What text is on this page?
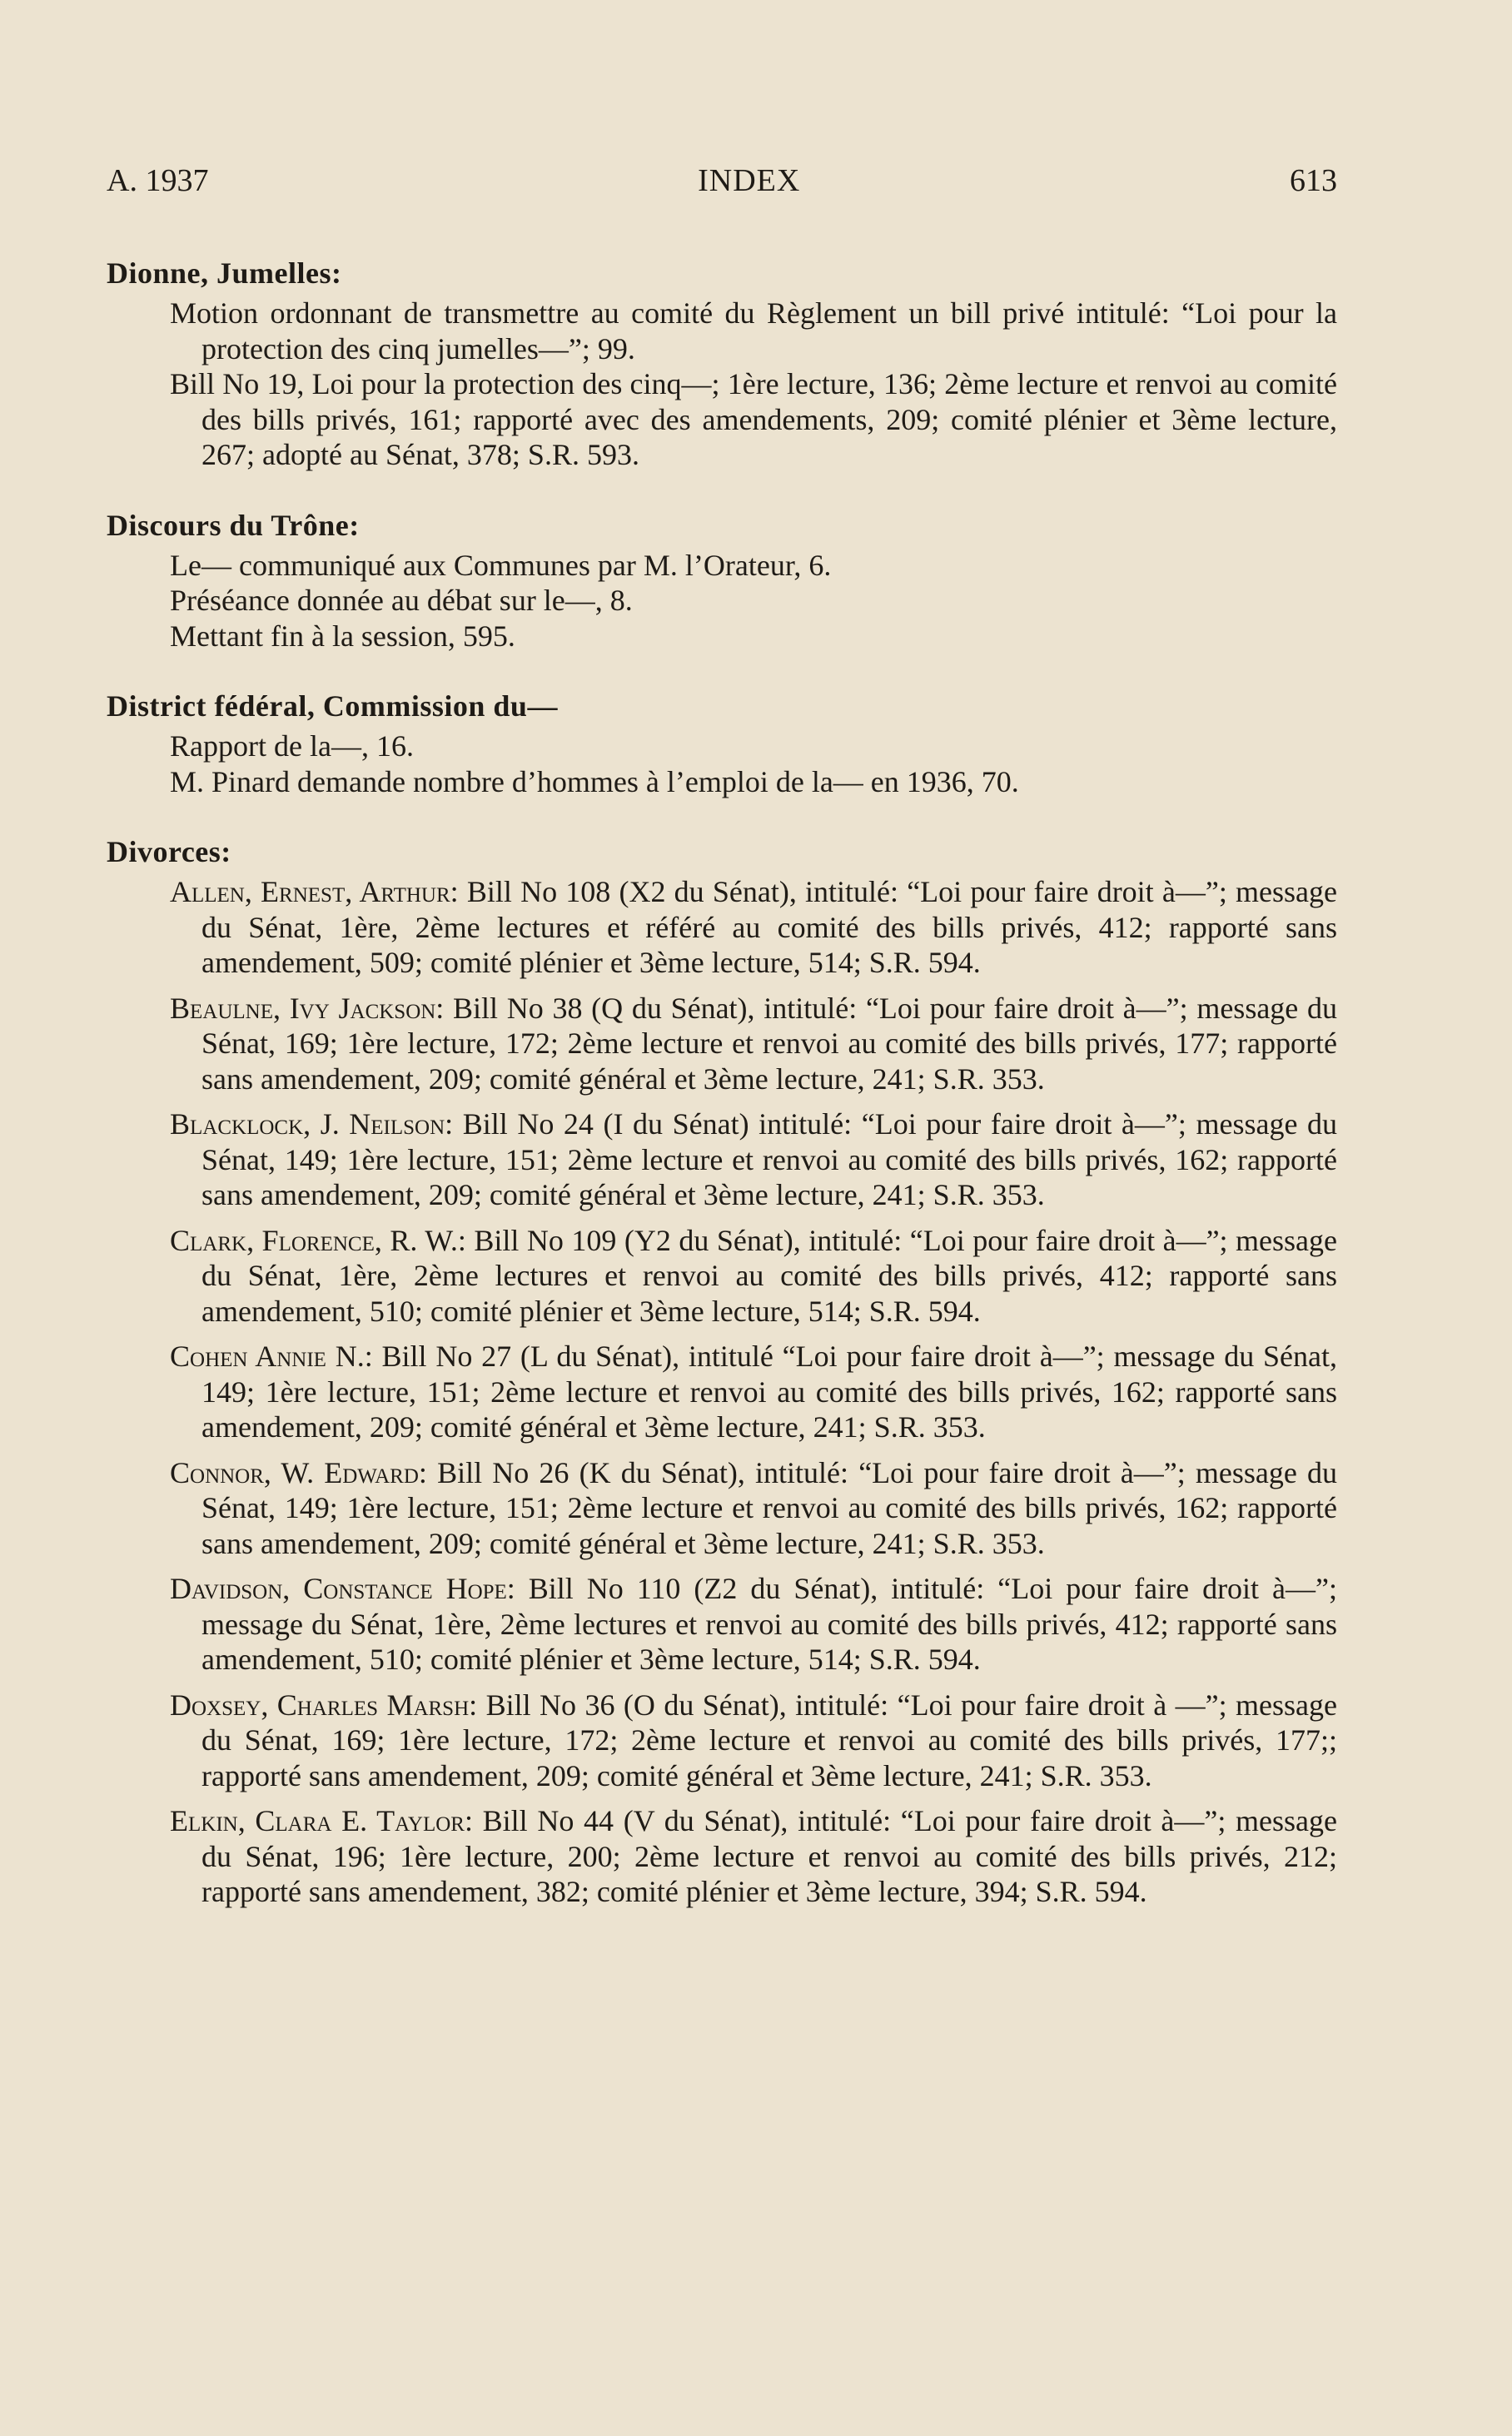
A. 1937	INDEX	613
Dionne, Jumelles:
Motion ordonnant de transmettre au comité du Règlement un bill privé intitulé: “Loi pour la protection des cinq jumelles—”; 99.
Bill No 19, Loi pour la protection des cinq—; 1ère lecture, 136; 2ème lecture et renvoi au comité des bills privés, 161; rapporté avec des amendements, 209; comité plénier et 3ème lecture, 267; adopté au Sénat, 378; S.R. 593.
Discours du Trône:
Le— communiqué aux Communes par M. l’Orateur, 6.
Préséance donnée au débat sur le—, 8.
Mettant fin à la session, 595.
District fédéral, Commission du—
Rapport de la—, 16.
M. Pinard demande nombre d’hommes à l’emploi de la— en 1936, 70.
Divorces:
Allen, Ernest, Arthur: Bill No 108 (X2 du Sénat), intitulé: “Loi pour faire droit à—”; message du Sénat, 1ère, 2ème lectures et référé au comité des bills privés, 412; rapporté sans amendement, 509; comité plénier et 3ème lecture, 514; S.R. 594.
Beaulne, Ivy Jackson: Bill No 38 (Q du Sénat), intitulé: “Loi pour faire droit à—”; message du Sénat, 169; 1ère lecture, 172; 2ème lecture et renvoi au comité des bills privés, 177; rapporté sans amendement, 209; comité général et 3ème lecture, 241; S.R. 353.
Blacklock, J. Neilson: Bill No 24 (I du Sénat) intitulé: “Loi pour faire droit à—”; message du Sénat, 149; 1ère lecture, 151; 2ème lecture et renvoi au comité des bills privés, 162; rapporté sans amendement, 209; comité général et 3ème lecture, 241; S.R. 353.
Clark, Florence, R. W.: Bill No 109 (Y2 du Sénat), intitulé: “Loi pour faire droit à—”; message du Sénat, 1ère, 2ème lectures et renvoi au comité des bills privés, 412; rapporté sans amendement, 510; comité plénier et 3ème lecture, 514; S.R. 594.
Cohen Annie N.: Bill No 27 (L du Sénat), intitulé “Loi pour faire droit à—”; message du Sénat, 149; 1ère lecture, 151; 2ème lecture et renvoi au comité des bills privés, 162; rapporté sans amendement, 209; comité général et 3ème lecture, 241; S.R. 353.
Connor, W. Edward: Bill No 26 (K du Sénat), intitulé: “Loi pour faire droit à—”; message du Sénat, 149; 1ère lecture, 151; 2ème lecture et renvoi au comité des bills privés, 162; rapporté sans amendement, 209; comité général et 3ème lecture, 241; S.R. 353.
Davidson, Constance Hope: Bill No 110 (Z2 du Sénat), intitulé: “Loi pour faire droit à—”; message du Sénat, 1ère, 2ème lectures et renvoi au comité des bills privés, 412; rapporté sans amendement, 510; comité plénier et 3ème lecture, 514; S.R. 594.
Doxsey, Charles Marsh: Bill No 36 (O du Sénat), intitulé: “Loi pour faire droit à —”; message du Sénat, 169; 1ère lecture, 172; 2ème lecture et renvoi au comité des bills privés, 177;; rapporté sans amendement, 209; comité général et 3ème lecture, 241; S.R. 353.
Elkin, Clara E. Taylor: Bill No 44 (V du Sénat), intitulé: “Loi pour faire droit à—”; message du Sénat, 196; 1ère lecture, 200; 2ème lecture et renvoi au comité des bills privés, 212; rapporté sans amendement, 382; comité plénier et 3ème lecture, 394; S.R. 594.
